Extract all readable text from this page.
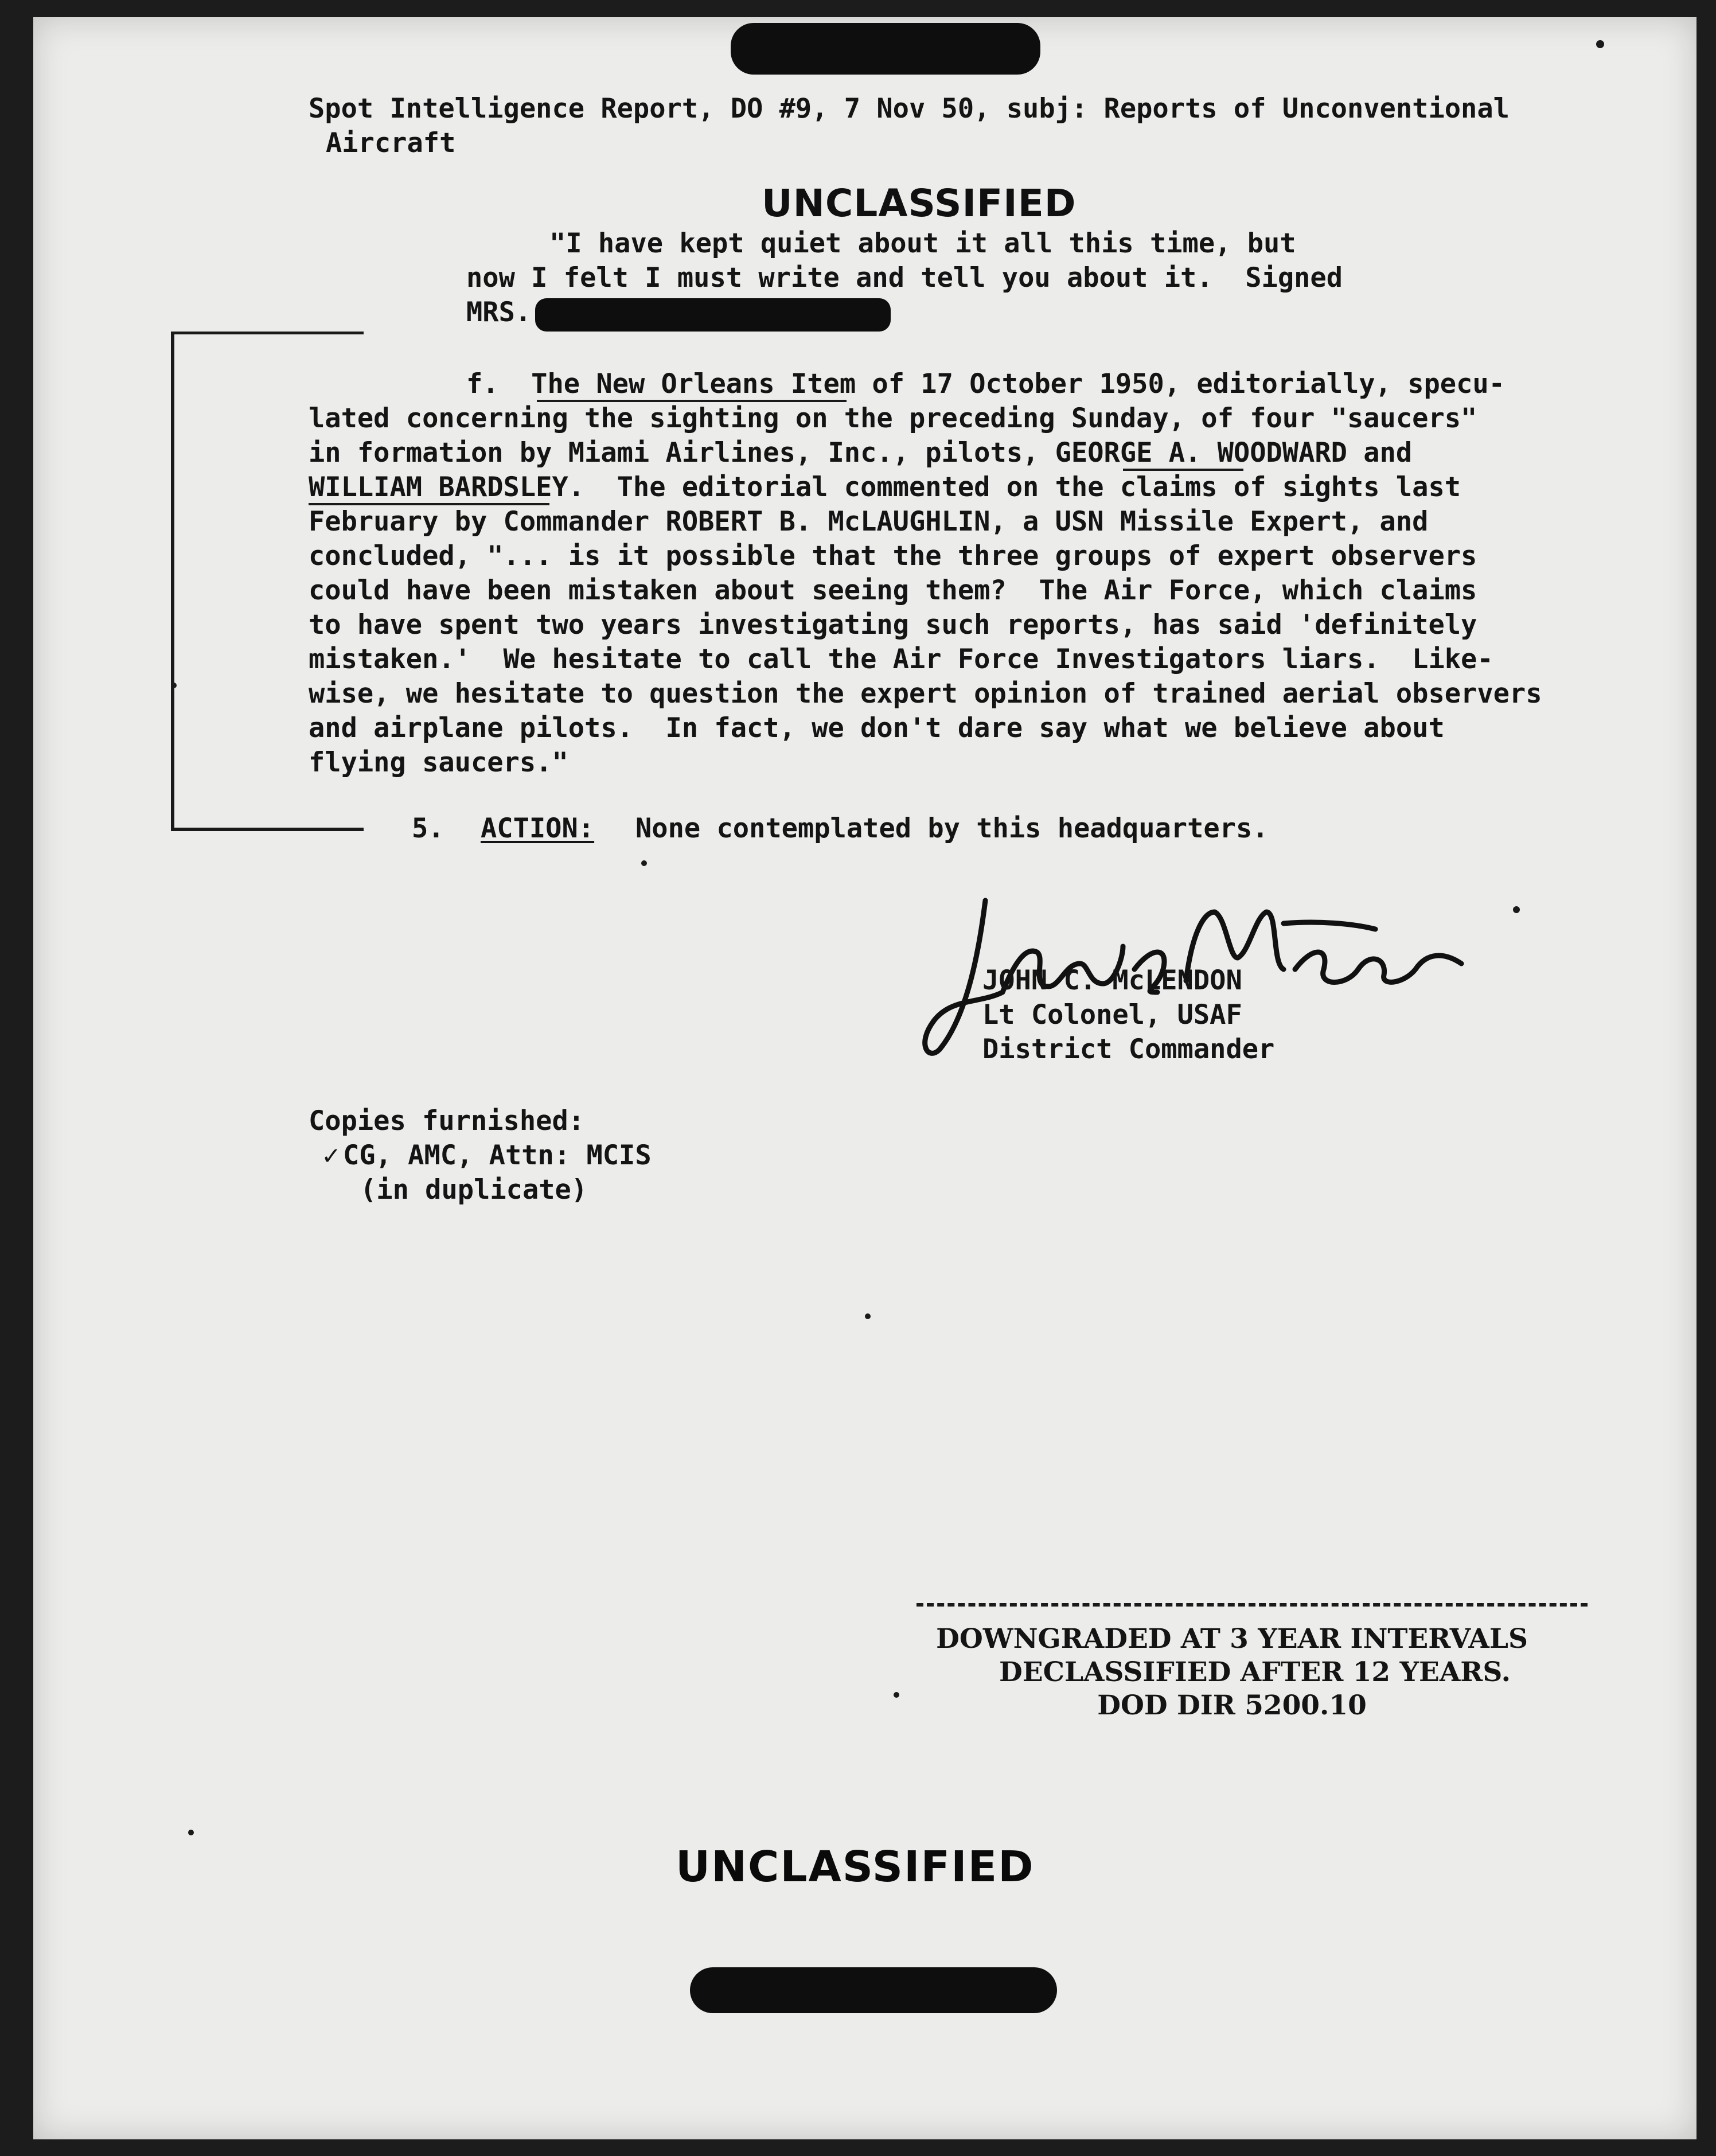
Spot Intelligence Report, DO #9, 7 Nov 50, subj: Reports of Unconventional
Aircraft
UNCLASSIFIED
"I have kept quiet about it all this time, but
now I felt I must write and tell you about it.  Signed
MRS.
f.  The New Orleans Item of 17 October 1950, editorially, specu-
lated concerning the sighting on the preceding Sunday, of four "saucers"
in formation by Miami Airlines, Inc., pilots, GEORGE A. WOODWARD and
WILLIAM BARDSLEY.  The editorial commented on the claims of sights last
February by Commander ROBERT B. McLAUGHLIN, a USN Missile Expert, and
concluded, "... is it possible that the three groups of expert observers
could have been mistaken about seeing them?  The Air Force, which claims
to have spent two years investigating such reports, has said 'definitely
mistaken.'  We hesitate to call the Air Force Investigators liars.  Like-
wise, we hesitate to question the expert opinion of trained aerial observers
and airplane pilots.  In fact, we don't dare say what we believe about
flying saucers."
5. ACTION: None contemplated by this headquarters.
JOHN C. McLENDON
Lt Colonel, USAF
District Commander
Copies furnished:
✓ CG, AMC, Attn: MCIS
(in duplicate)
DOWNGRADED AT 3 YEAR INTERVALS
DECLASSIFIED AFTER 12 YEARS.
DOD DIR 5200.10
UNCLASSIFIED
